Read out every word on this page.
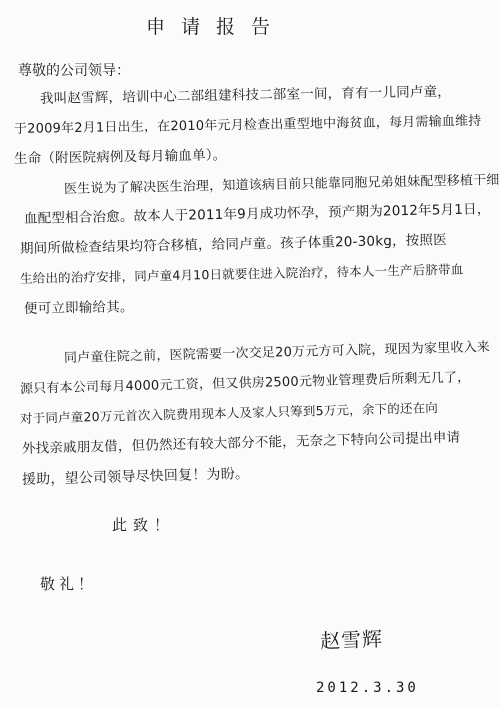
申请报告
尊敬的公司领导：
我叫赵雪辉，培训中心二部组建科技二部室一间，育有一儿同卢童，
于2009年2月1日出生，在2010年元月检查出重型地中海贫血，每月需输血维持
生命（附医院病例及每月输血单）。
医生说为了解决医生治理，知道该病目前只能靠同胞兄弟姐妹配型移植干细
血配型相合治愈。故本人于2011年9月成功怀孕，预产期为2012年5月1日，
期间所做检查结果均符合移植，给同卢童。孩子体重20-30kg，按照医
生给出的治疗安排，同卢童4月10日就要住进入院治疗，待本人一生产后脐带血
便可立即输给其。
同卢童住院之前，医院需要一次交足20万元方可入院，现因为家里收入来
源只有本公司每月4000元工资，但又供房2500元物业管理费后所剩无几了，
对于同卢童20万元首次入院费用现本人及家人只筹到5万元，余下的还在向
外找亲戚朋友借，但仍然还有较大部分不能，无奈之下特向公司提出申请
援助，望公司领导尽快回复！为盼。
此致！
敬礼！
赵雪辉
2012.3.30
